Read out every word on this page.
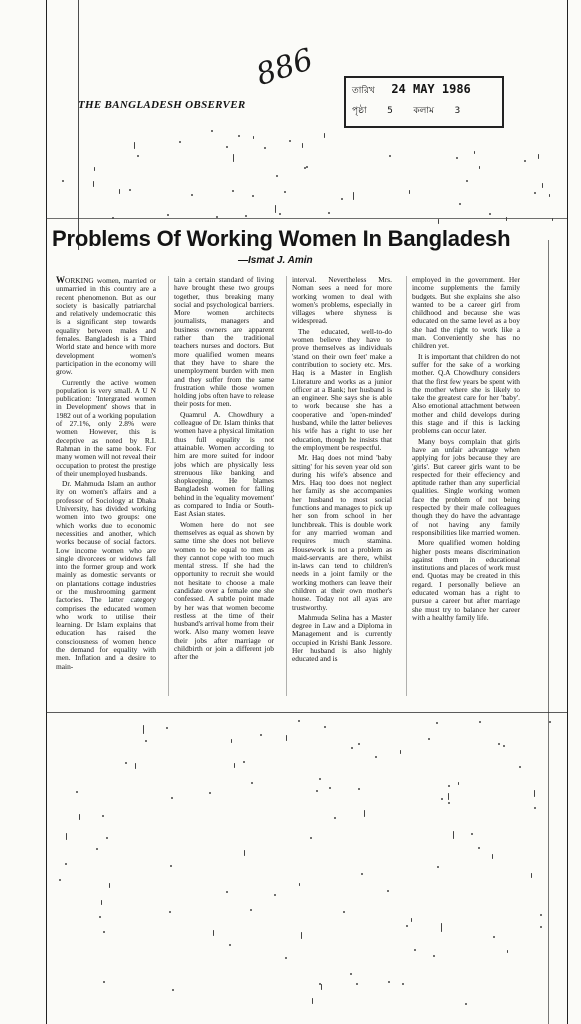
THE BANGLADESH OBSERVER
886	তারিখ 24 MAY 1986
পৃষ্ঠা 5 কলাম 3
Problems Of Working Women In Bangladesh
—Ismat J. Amin

WORKING women, married or unmarried in this country are a recent phenomenon. But as our society is basically patriarchal and relatively undemocratic this is a significant step towards equality between males and females. Bangladesh is a Third World state and hence with more development women's participation in the economy will grow.

Currently the active women population is very small. A U N publication: 'Intergrated women in Development' shows that in 1982 out of a working population of 27.1%, only 2.8% were women However, this is deceptive as noted by R.I. Rahman in the same book. For many women will not reveal their occupation to protest the prestige of their unemployed husbands.

Dr. Mahmuda Islam an author ity on women's affairs and a professor of Sociology at Dhaka University, has divided working women into two groups: one which works due to economic necessities and another, which works because of social factors. Low income women who are single divorcees or widows fall into the former group and work mainly as domestic servants or on plantations cottage industries or the mushrooming garment factories. The latter category comprises the educated women who work to utilise their learning. Dr Islam explains that education has raised the consciousness of women hence the demand for equality with men. Inflation and a desire to main-

tain a certain standard of living have brought these two groups together, thus breaking many social and psychological barriers. More women architects journalists, managers and business owners are apparent rather than the traditional teachers nurses and doctors. But more qualified women means that they have to share the unemployment burden with men and they suffer from the same frustration while those women holding jobs often have to release their posts for men.

Quamrul A. Chowdhury a colleague of Dr. Islam thinks that women have a physical limitation thus full equality is not attainable. Women according to him are more suited for indoor jobs which are physically less strenuous like banking and shopkeeping. He blames Bangladesh women for falling behind in the 'equality movement' as compared to India or South-East Asian states.

Women here do not see themselves as equal as shown by same time she does not believe women to be equal to men as they cannot cope with too much mental stress. If she had the opportunity to recruit she would not hesitate to choose a male candidate over a female one she confessed. A subtle point made by her was that women become restless at the time of their husband's arrival home from their work. Also many women leave their jobs after marriage or childbirth or join a different job after the

interval. Nevertheless Mrs. Noman sees a need for more working women to deal with women's problems, especially in villages where shyness is widespread.

The educated, well-to-do women believe they have to prove themselves as individuals 'stand on their own feet' make a contribution to society etc. Mrs. Haq is a Master in English Literature and works as a junior officer at a Bank; her husband is an engineer. She says she is able to work because she has a cooperative and 'open-minded' husband, while the latter believes his wife has a right to use her education, though he insists that the employment be respectful.

Mr. Haq does not mind 'baby sitting' for his seven year old son during his wife's absence and Mrs. Haq too does not neglect her family as she accompanies her husband to most social functions and manages to pick up her son from school in her lunchbreak. This is double work for any married woman and requires much stamina. Housework is not a problem as maid-servants are there, whilst in-laws can tend to children's needs in a joint family or the working mothers can leave their children at their own mother's house. Today not all ayas are trustworthy.

Mahmuda Selina has a Master degree in Law and a Diploma in Management and is currently occupied in Krishi Bank Jessore. Her husband is also highly educated and is

employed in the government. Her income supplements the family budgets. But she explains she also wanted to be a career girl from childhood and because she was educated on the same level as a boy she had the right to work like a man. Conveniently she has no children yet.

It is important that children do not suffer for the sake of a working mother. Q.A Chowdhury considers that the first few years be spent with the mother where she is likely to take the greatest care for her 'baby'. Also emotional attachment between mother and child develops during this stage and if this is lacking problems can occur later.

Many boys complain that girls have an unfair advantage when applying for jobs because they are 'girls'. But career girls want to be respected for their effeciency and aptitude rather than any superficial qualities. Single working women face the problem of not being respected by their male colleagues though they do have the advantage of not having any family responsibilities like married women.

More qualified women holding higher posts means discrimination against them in educational institutions and places of work must end. Quotas may be created in this regard. I personally believe an educated woman has a right to pursue a career but after marriage she must try to balance her career with a healthy family life.
